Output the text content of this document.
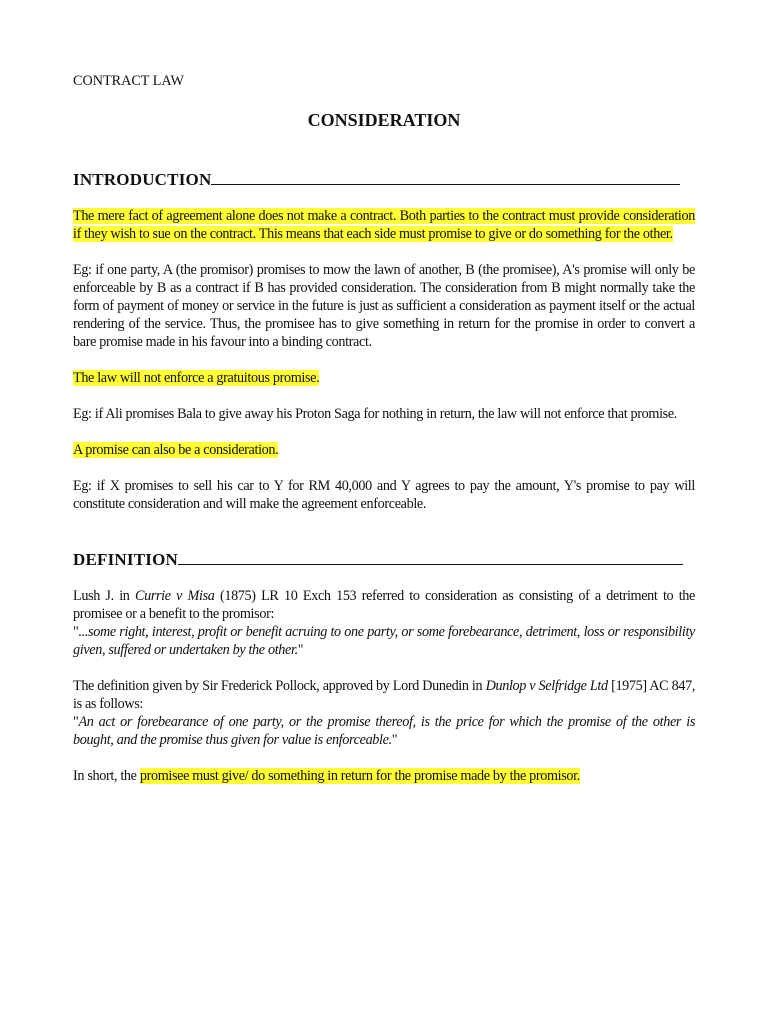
CONTRACT LAW
CONSIDERATION
INTRODUCTION

The mere fact of agreement alone does not make a contract. Both parties to the contract must provide consideration if they wish to sue on the contract. This means that each side must promise to give or do something for the other.

Eg: if one party, A (the promisor) promises to mow the lawn of another, B (the promisee), A's promise will only be enforceable by B as a contract if B has provided consideration. The consideration from B might normally take the form of payment of money or service in the future is just as sufficient a consideration as payment itself or the actual rendering of the service. Thus, the promisee has to give something in return for the promise in order to convert a bare promise made in his favour into a binding contract.

The law will not enforce a gratuitous promise.

Eg: if Ali promises Bala to give away his Proton Saga for nothing in return, the law will not enforce that promise.

A promise can also be a consideration.

Eg: if X promises to sell his car to Y for RM 40,000 and Y agrees to pay the amount, Y's promise to pay will constitute consideration and will make the agreement enforceable.

DEFINITION

Lush J. in Currie v Misa (1875) LR 10 Exch 153 referred to consideration as consisting of a detriment to the promisee or a benefit to the promisor:
"...some right, interest, profit or benefit acruing to one party, or some forebearance, detriment, loss or responsibility given, suffered or undertaken by the other."

The definition given by Sir Frederick Pollock, approved by Lord Dunedin in Dunlop v Selfridge Ltd [1975] AC 847, is as follows:
"An act or forebearance of one party, or the promise thereof, is the price for which the promise of the other is bought, and the promise thus given for value is enforceable."

In short, the promisee must give/ do something in return for the promise made by the promisor.
